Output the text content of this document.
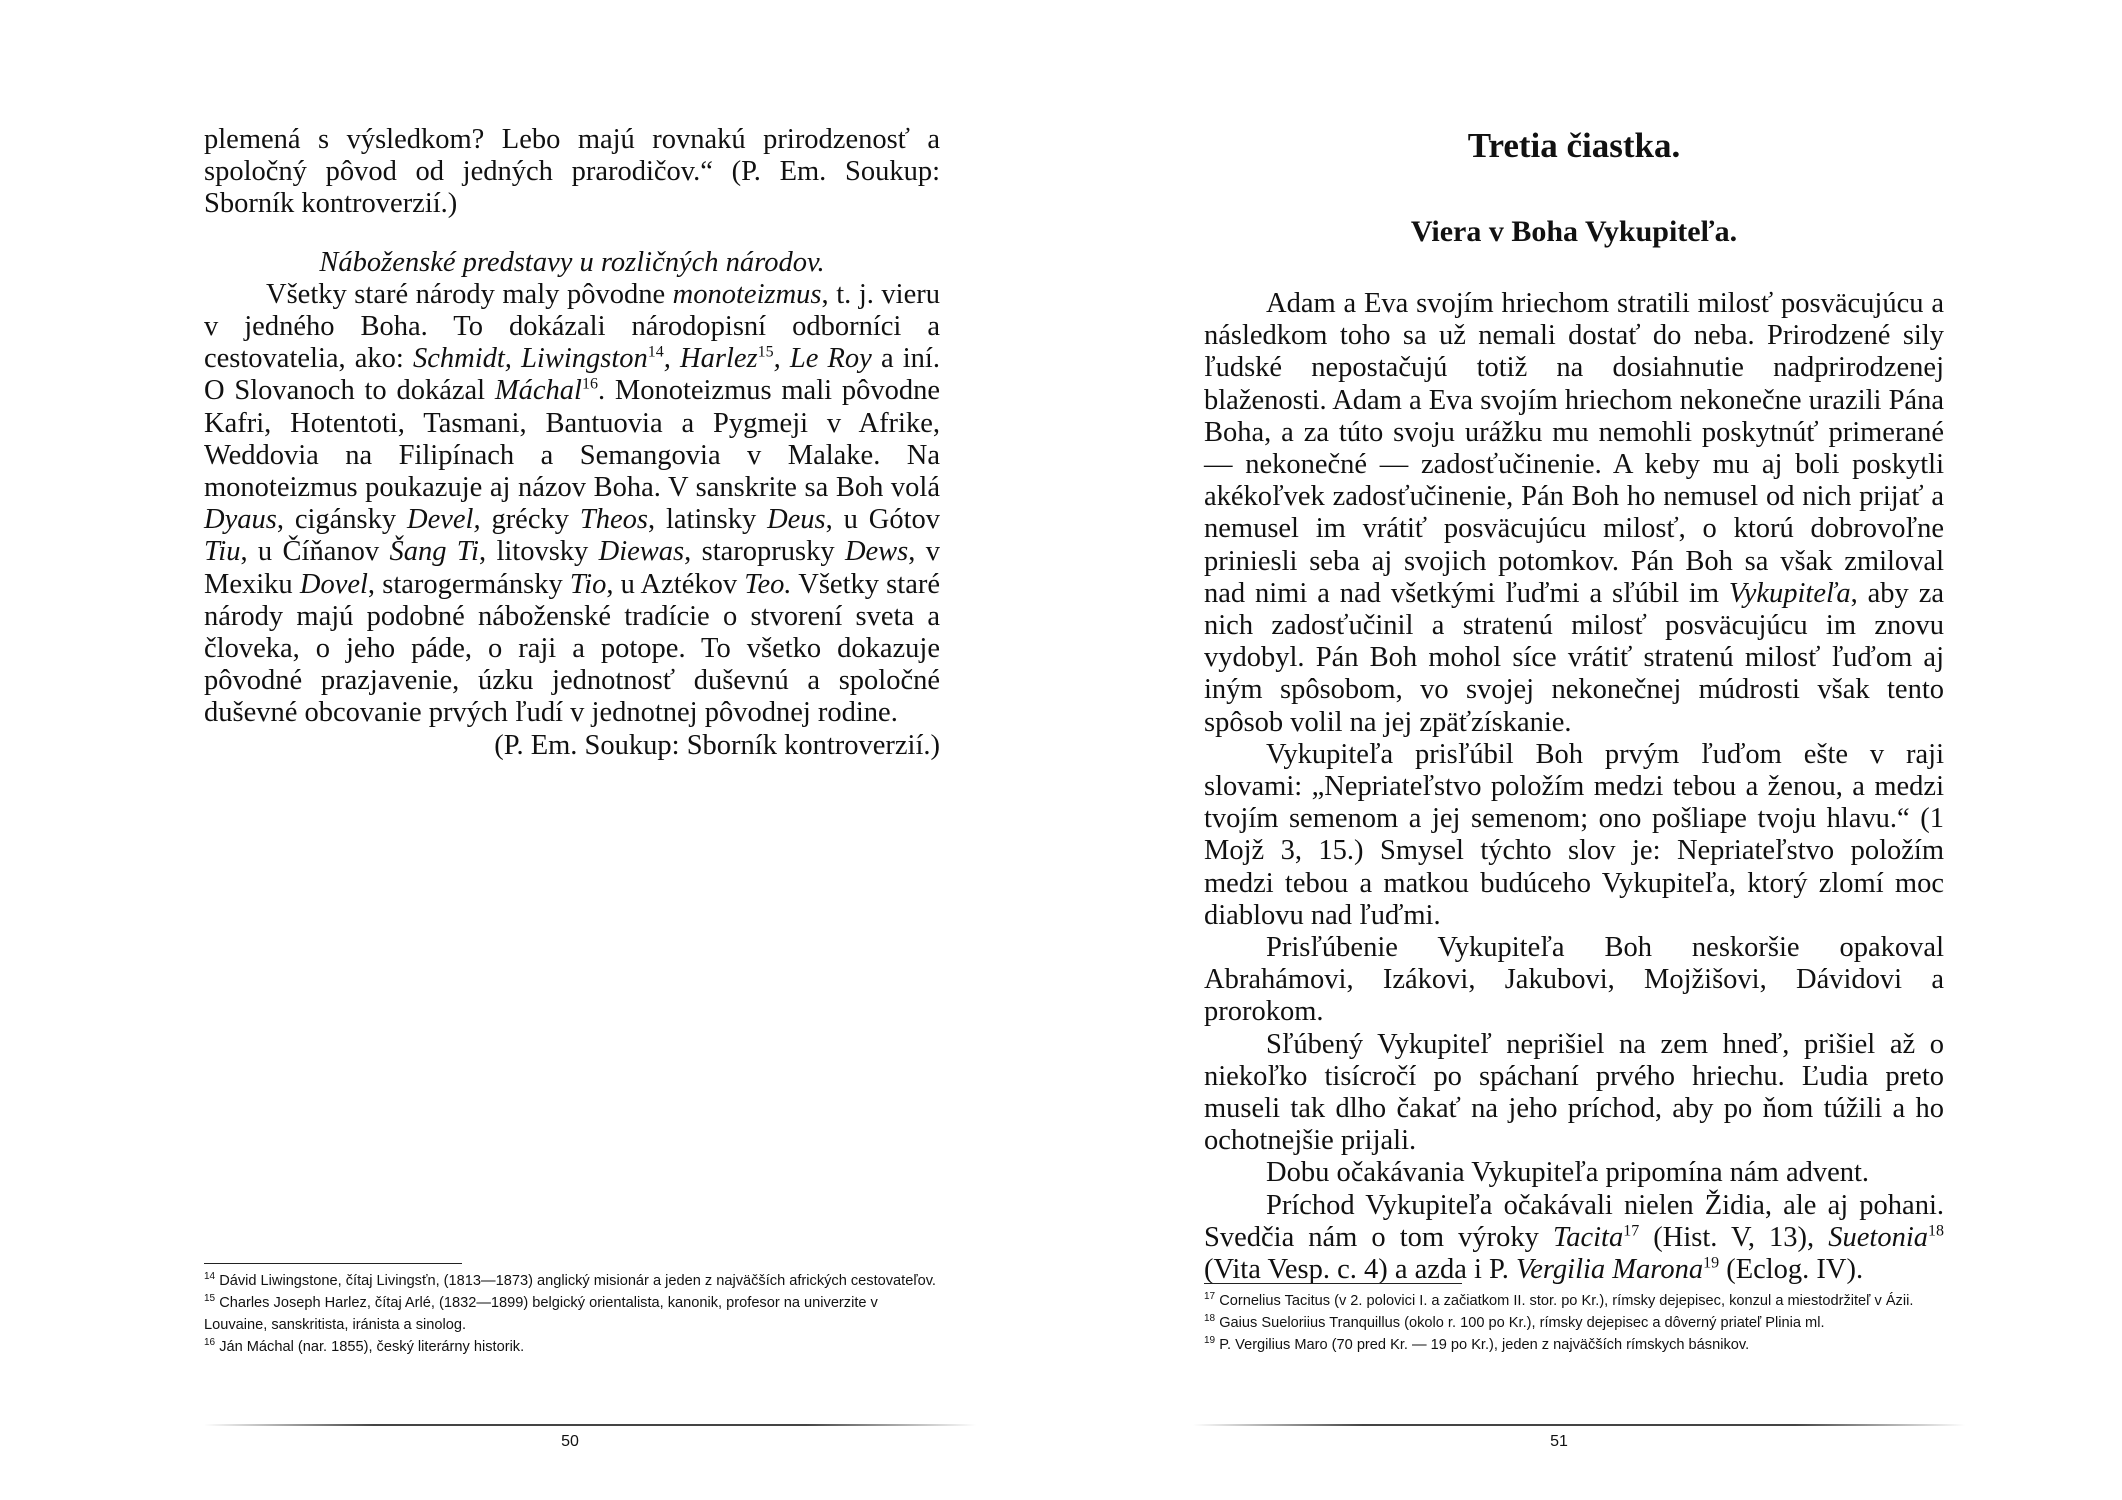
plemená s výsledkom? Lebo majú rovnakú prirodzenosť a spoločný pôvod od jedných prarodičov.“ (P. Em. Soukup: Sborník kontroverzií.)

Náboženské predstavy u rozličných národov.

Všetky staré národy maly pôvodne monoteizmus, t. j. vieru v jedného Boha. To dokázali národopisní odborníci a cestovatelia, ako: Schmidt, Liwingston$^{14}$, Harlez$^{15}$, Le Roy a iní. O Slovanoch to dokázal Máchal$^{16}$. Monoteizmus mali pôvodne Kafri, Hotentoti, Tasmani, Bantuovia a Pygmeji v Afrike, Weddovia na Filipínach a Semangovia v Malake. Na monoteizmus poukazuje aj názov Boha. V sanskrite sa Boh volá Dyaus, cigánsky Devel, grécky Theos, latinsky Deus, u Gótov Tiu, u Číňanov Šang Ti, litovsky Diewas, staroprusky Dews, v Mexiku Dovel, starogermánsky Tio, u Aztékov Teo. Všetky staré národy majú podobné náboženské tradície o stvorení sveta a človeka, o jeho páde, o raji a potope. To všetko dokazuje pôvodné prazjavenie, úzku jednotnosť duševnú a spoločné duševné obcovanie prvých ľudí v jednotnej pôvodnej rodine.

(P. Em. Soukup: Sborník kontroverzií.)

$^{14}$ Dávid Liwingstone, čítaj Livingsťn, (1813—1873) anglický misionár a jeden z najväčších afrických cestovateľov.

$^{15}$ Charles Joseph Harlez, čítaj Arlé, (1832—1899) belgický orientalista, kanonik, profesor na univerzite v Louvaine, sanskritista, iránista a sinolog.

$^{16}$ Ján Máchal (nar. 1855), český literárny historik.

50
Tretia čiastka.
Viera v Boha Vykupiteľa.

Adam a Eva svojím hriechom stratili milosť posväcujúcu a následkom toho sa už nemali dostať do neba. Prirodzené sily ľudské nepostačujú totiž na dosiahnutie nadprirodzenej blaženosti. Adam a Eva svojím hriechom nekonečne urazili Pána Boha, a za túto svoju urážku mu nemohli poskytnúť primerané — nekonečné — zadosťučinenie. A keby mu aj boli poskytli akékoľvek zadosťučinenie, Pán Boh ho nemusel od nich prijať a nemusel im vrátiť posväcujúcu milosť, o ktorú dobrovoľne priniesli seba aj svojich potomkov. Pán Boh sa však zmiloval nad nimi a nad všetkými ľuďmi a sľúbil im Vykupiteľa, aby za nich zadosťučinil a stratenú milosť posväcujúcu im znovu vydobyl. Pán Boh mohol síce vrátiť stratenú milosť ľuďom aj iným spôsobom, vo svojej nekonečnej múdrosti však tento spôsob volil na jej zpäťzískanie.

Vykupiteľa prisľúbil Boh prvým ľuďom ešte v raji slovami: „Nepriateľstvo položím medzi tebou a ženou, a medzi tvojím semenom a jej semenom; ono pošliape tvoju hlavu.“ (1 Mojž 3, 15.) Smysel týchto slov je: Nepriateľstvo položím medzi tebou a matkou budúceho Vykupiteľa, ktorý zlomí moc diablovu nad ľuďmi.

Prisľúbenie Vykupiteľa Boh neskoršie opakoval Abrahámovi, Izákovi, Jakubovi, Mojžišovi, Dávidovi a prorokom.

Sľúbený Vykupiteľ neprišiel na zem hneď, prišiel až o niekoľko tisícročí po spáchaní prvého hriechu. Ľudia preto museli tak dlho čakať na jeho príchod, aby po ňom túžili a ho ochotnejšie prijali.

Dobu očakávania Vykupiteľa pripomína nám advent.

Príchod Vykupiteľa očakávali nielen Židia, ale aj pohani. Svedčia nám o tom výroky Tacita$^{17}$ (Hist. V, 13), Suetonia$^{18}$ (Vita Vesp. c. 4) a azda i P. Vergilia Marona$^{19}$ (Eclog. IV).

$^{17}$ Cornelius Tacitus (v 2. polovici I. a začiatkom II. stor. po Kr.), rímsky dejepisec, konzul a miestodržiteľ v Ázii.

$^{18}$ Gaius Sueloriius Tranquillus (okolo r. 100 po Kr.), rímsky dejepisec a dôverný priateľ Plinia ml.

$^{19}$ P. Vergilius Maro (70 pred Kr. — 19 po Kr.), jeden z najväčších rímskych básnikov.

51
